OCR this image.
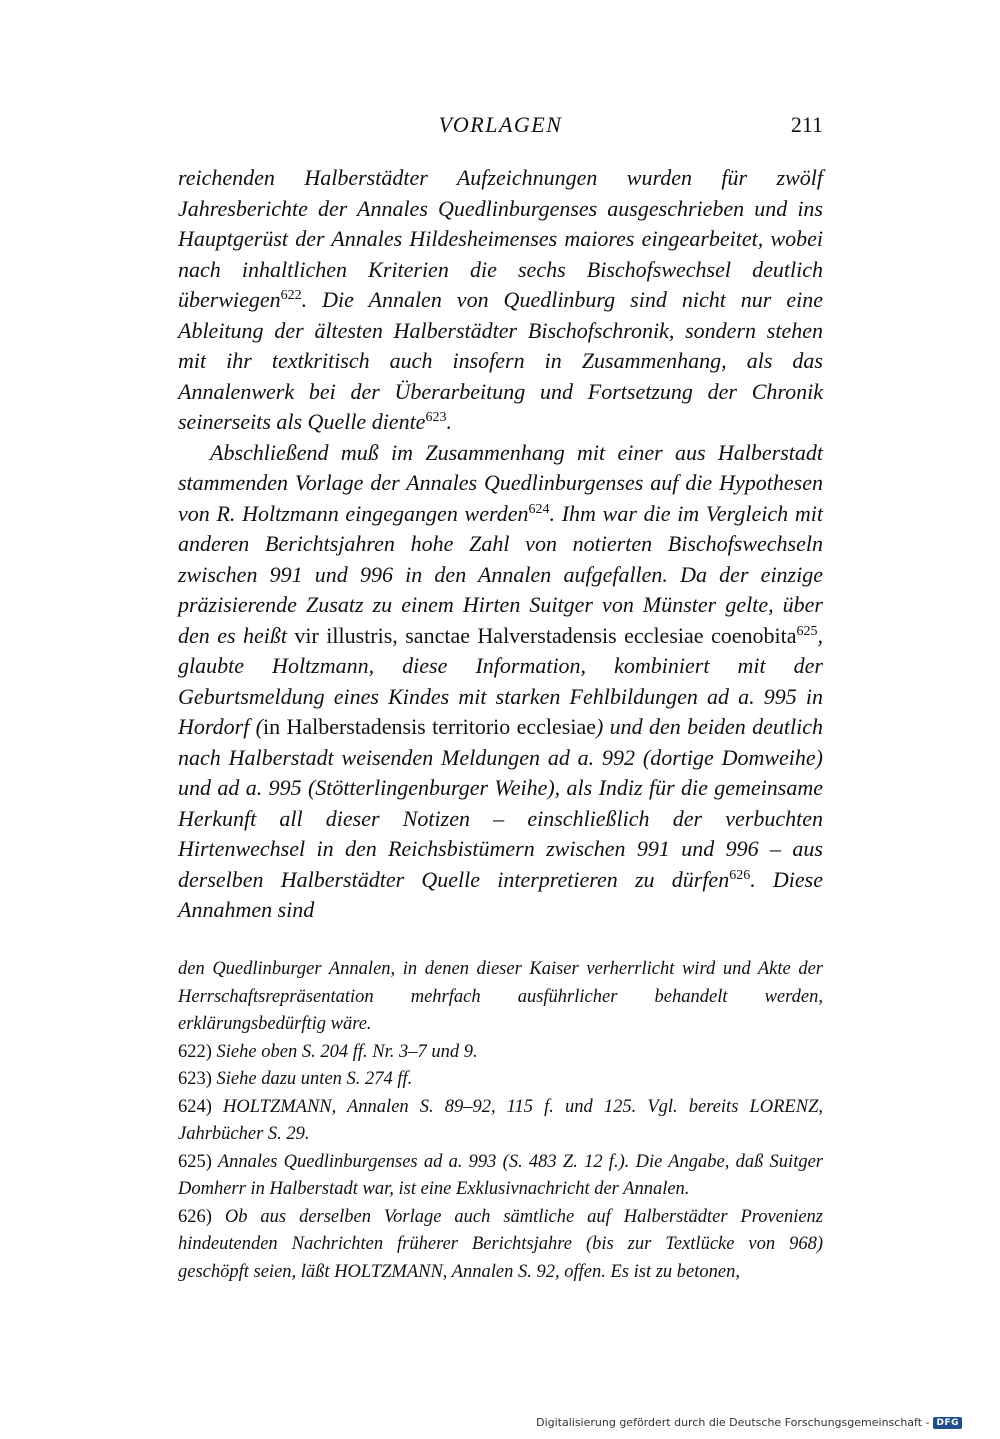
VORLAGEN	211

reichenden Halberstädter Aufzeichnungen wurden für zwölf Jahresberichte der Annales Quedlinburgenses ausgeschrieben und ins Hauptgerüst der Annales Hildesheimenses maiores eingearbeitet, wobei nach inhaltlichen Kriterien die sechs Bischofswechsel deutlich überwiegen$^{622}$. Die Annalen von Quedlinburg sind nicht nur eine Ableitung der ältesten Halberstädter Bischofschronik, sondern stehen mit ihr textkritisch auch insofern in Zusammenhang, als das Annalenwerk bei der Überarbeitung und Fortsetzung der Chronik seinerseits als Quelle diente$^{623}$.

Abschließend muß im Zusammenhang mit einer aus Halberstadt stammenden Vorlage der Annales Quedlinburgenses auf die Hypothesen von R. Holtzmann eingegangen werden$^{624}$. Ihm war die im Vergleich mit anderen Berichtsjahren hohe Zahl von notierten Bischofswechseln zwischen 991 und 996 in den Annalen aufgefallen. Da der einzige präzisierende Zusatz zu einem Hirten Suitger von Münster gelte, über den es heißt vir illustris, sanctae Halverstadensis ecclesiae coenobita$^{625}$, glaubte Holtzmann, diese Information, kombiniert mit der Geburtsmeldung eines Kindes mit starken Fehlbildungen ad a. 995 in Hordorf (in Halberstadensis territorio ecclesiae) und den beiden deutlich nach Halberstadt weisenden Meldungen ad a. 992 (dortige Domweihe) und ad a. 995 (Stötterlingenburger Weihe), als Indiz für die gemeinsame Herkunft all dieser Notizen – einschließlich der verbuchten Hirtenwechsel in den Reichsbistümern zwischen 991 und 996 – aus derselben Halberstädter Quelle interpretieren zu dürfen$^{626}$. Diese Annahmen sind

den Quedlinburger Annalen, in denen dieser Kaiser verherrlicht wird und Akte der Herrschaftsrepräsentation mehrfach ausführlicher behandelt werden, erklärungsbedürftig wäre.

622) Siehe oben S. 204 ff. Nr. 3–7 und 9.

623) Siehe dazu unten S. 274 ff.

624) HOLTZMANN, Annalen S. 89–92, 115 f. und 125. Vgl. bereits LORENZ, Jahrbücher S. 29.

625) Annales Quedlinburgenses ad a. 993 (S. 483 Z. 12 f.). Die Angabe, daß Suitger Domherr in Halberstadt war, ist eine Exklusivnachricht der Annalen.

626) Ob aus derselben Vorlage auch sämtliche auf Halberstädter Provenienz hindeutenden Nachrichten früherer Berichtsjahre (bis zur Textlücke von 968) geschöpft seien, läßt HOLTZMANN, Annalen S. 92, offen. Es ist zu betonen,

Digitalisierung gefördert durch die Deutsche Forschungsgemeinschaft - DFG
